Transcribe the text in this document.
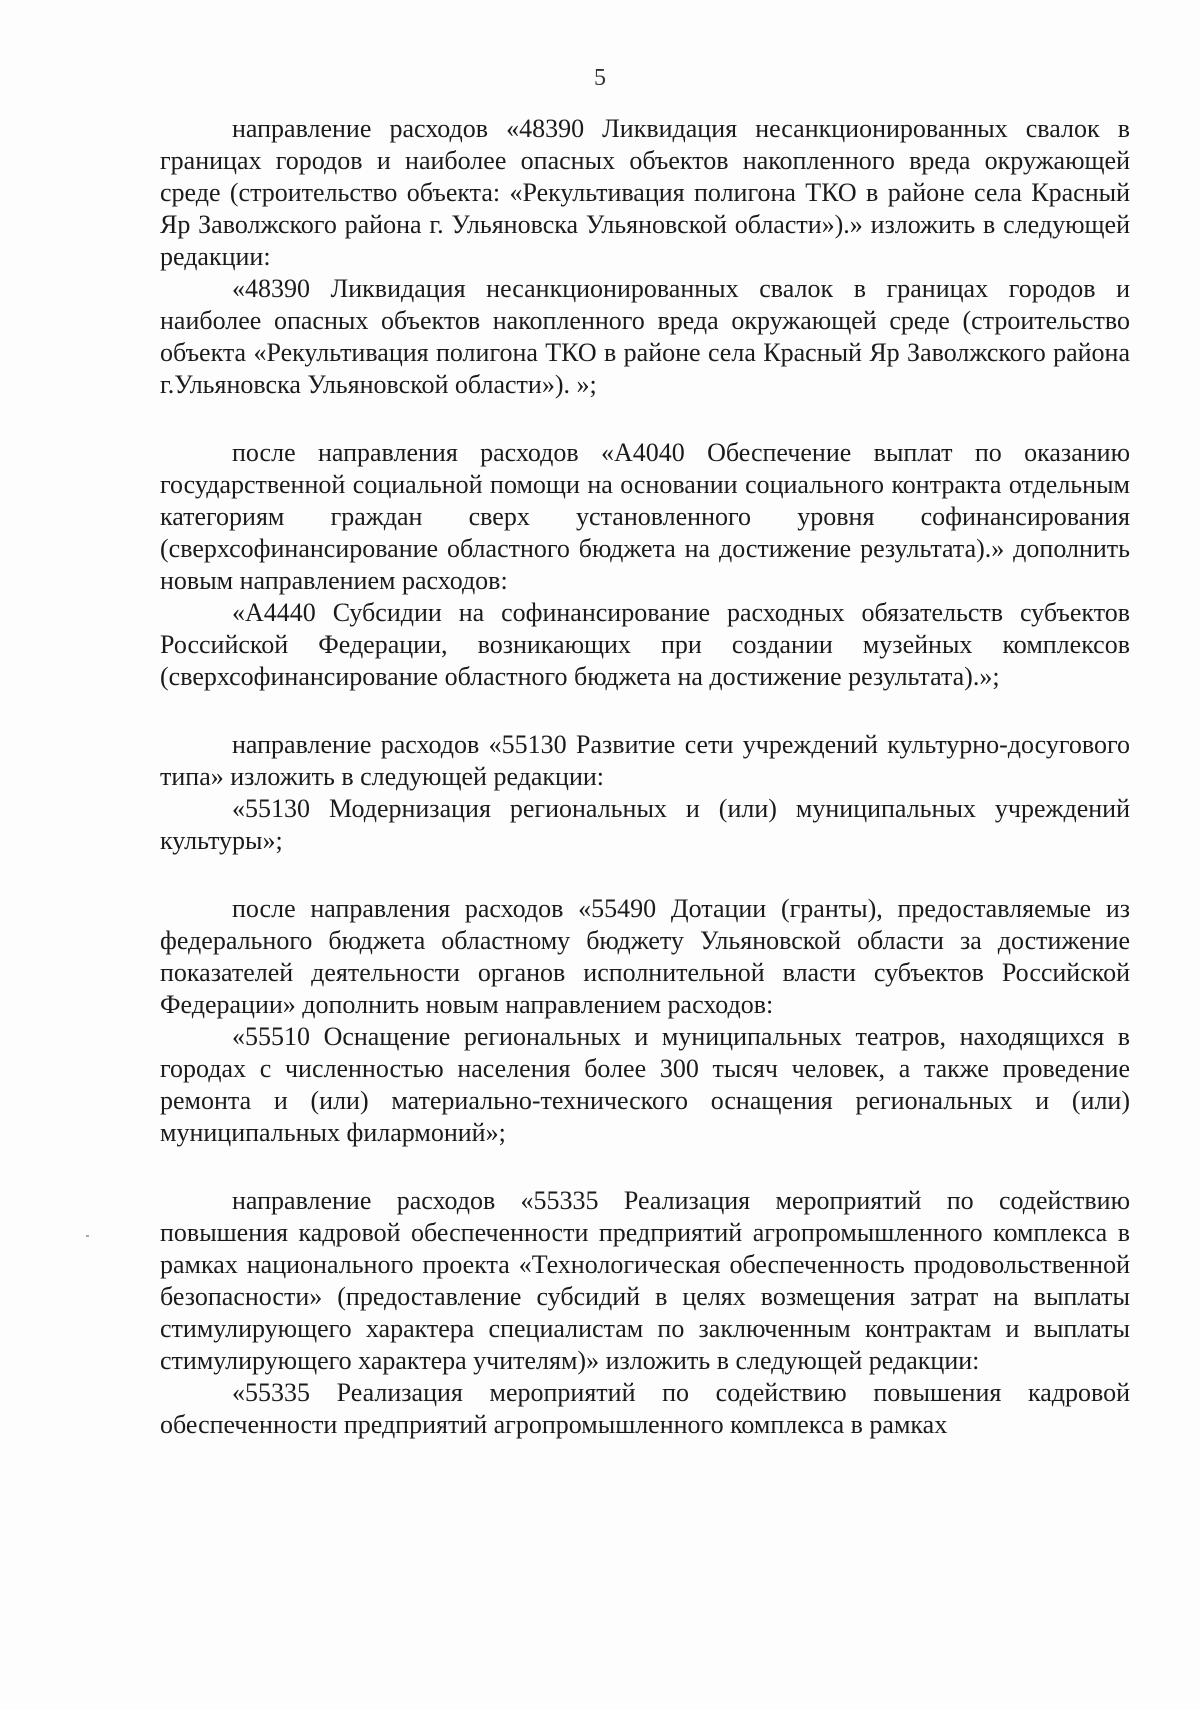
5

направление расходов «48390 Ликвидация несанкционированных свалок в границах городов и наиболее опасных объектов накопленного вреда окружающей среде (строительство объекта: «Рекультивация полигона ТКО в районе села Красный Яр Заволжского района г. Ульяновска Ульяновской области»).» изложить в следующей редакции:

«48390 Ликвидация несанкционированных свалок в границах городов и наиболее опасных объектов накопленного вреда окружающей среде (строительство объекта «Рекультивация полигона ТКО в районе села Красный Яр Заволжского района г.Ульяновска Ульяновской области»). »;

после направления расходов «А4040 Обеспечение выплат по оказанию государственной социальной помощи на основании социального контракта отдельным категориям граждан сверх установленного уровня софинансирования (сверхсофинансирование областного бюджета на достижение результата).» дополнить новым направлением расходов:

«А4440 Субсидии на софинансирование расходных обязательств субъектов Российской Федерации, возникающих при создании музейных комплексов (сверхсофинансирование областного бюджета на достижение результата).»;

направление расходов «55130 Развитие сети учреждений культурно-досугового типа» изложить в следующей редакции:

«55130 Модернизация региональных и (или) муниципальных учреждений культуры»;

после направления расходов «55490 Дотации (гранты), предоставляемые из федерального бюджета областному бюджету Ульяновской области за достижение показателей деятельности органов исполнительной власти субъектов Российской Федерации» дополнить новым направлением расходов:

«55510 Оснащение региональных и муниципальных театров, находящихся в городах с численностью населения более 300 тысяч человек, а также проведение ремонта и (или) материально-технического оснащения региональных и (или) муниципальных филармоний»;

направление расходов «55335 Реализация мероприятий по содействию повышения кадровой обеспеченности предприятий агропромышленного комплекса в рамках национального проекта «Технологическая обеспеченность продовольственной безопасности» (предоставление субсидий в целях возмещения затрат на выплаты стимулирующего характера специалистам по заключенным контрактам и выплаты стимулирующего характера учителям)» изложить в следующей редакции:

«55335 Реализация мероприятий по содействию повышения кадровой обеспеченности предприятий агропромышленного комплекса в рамках
